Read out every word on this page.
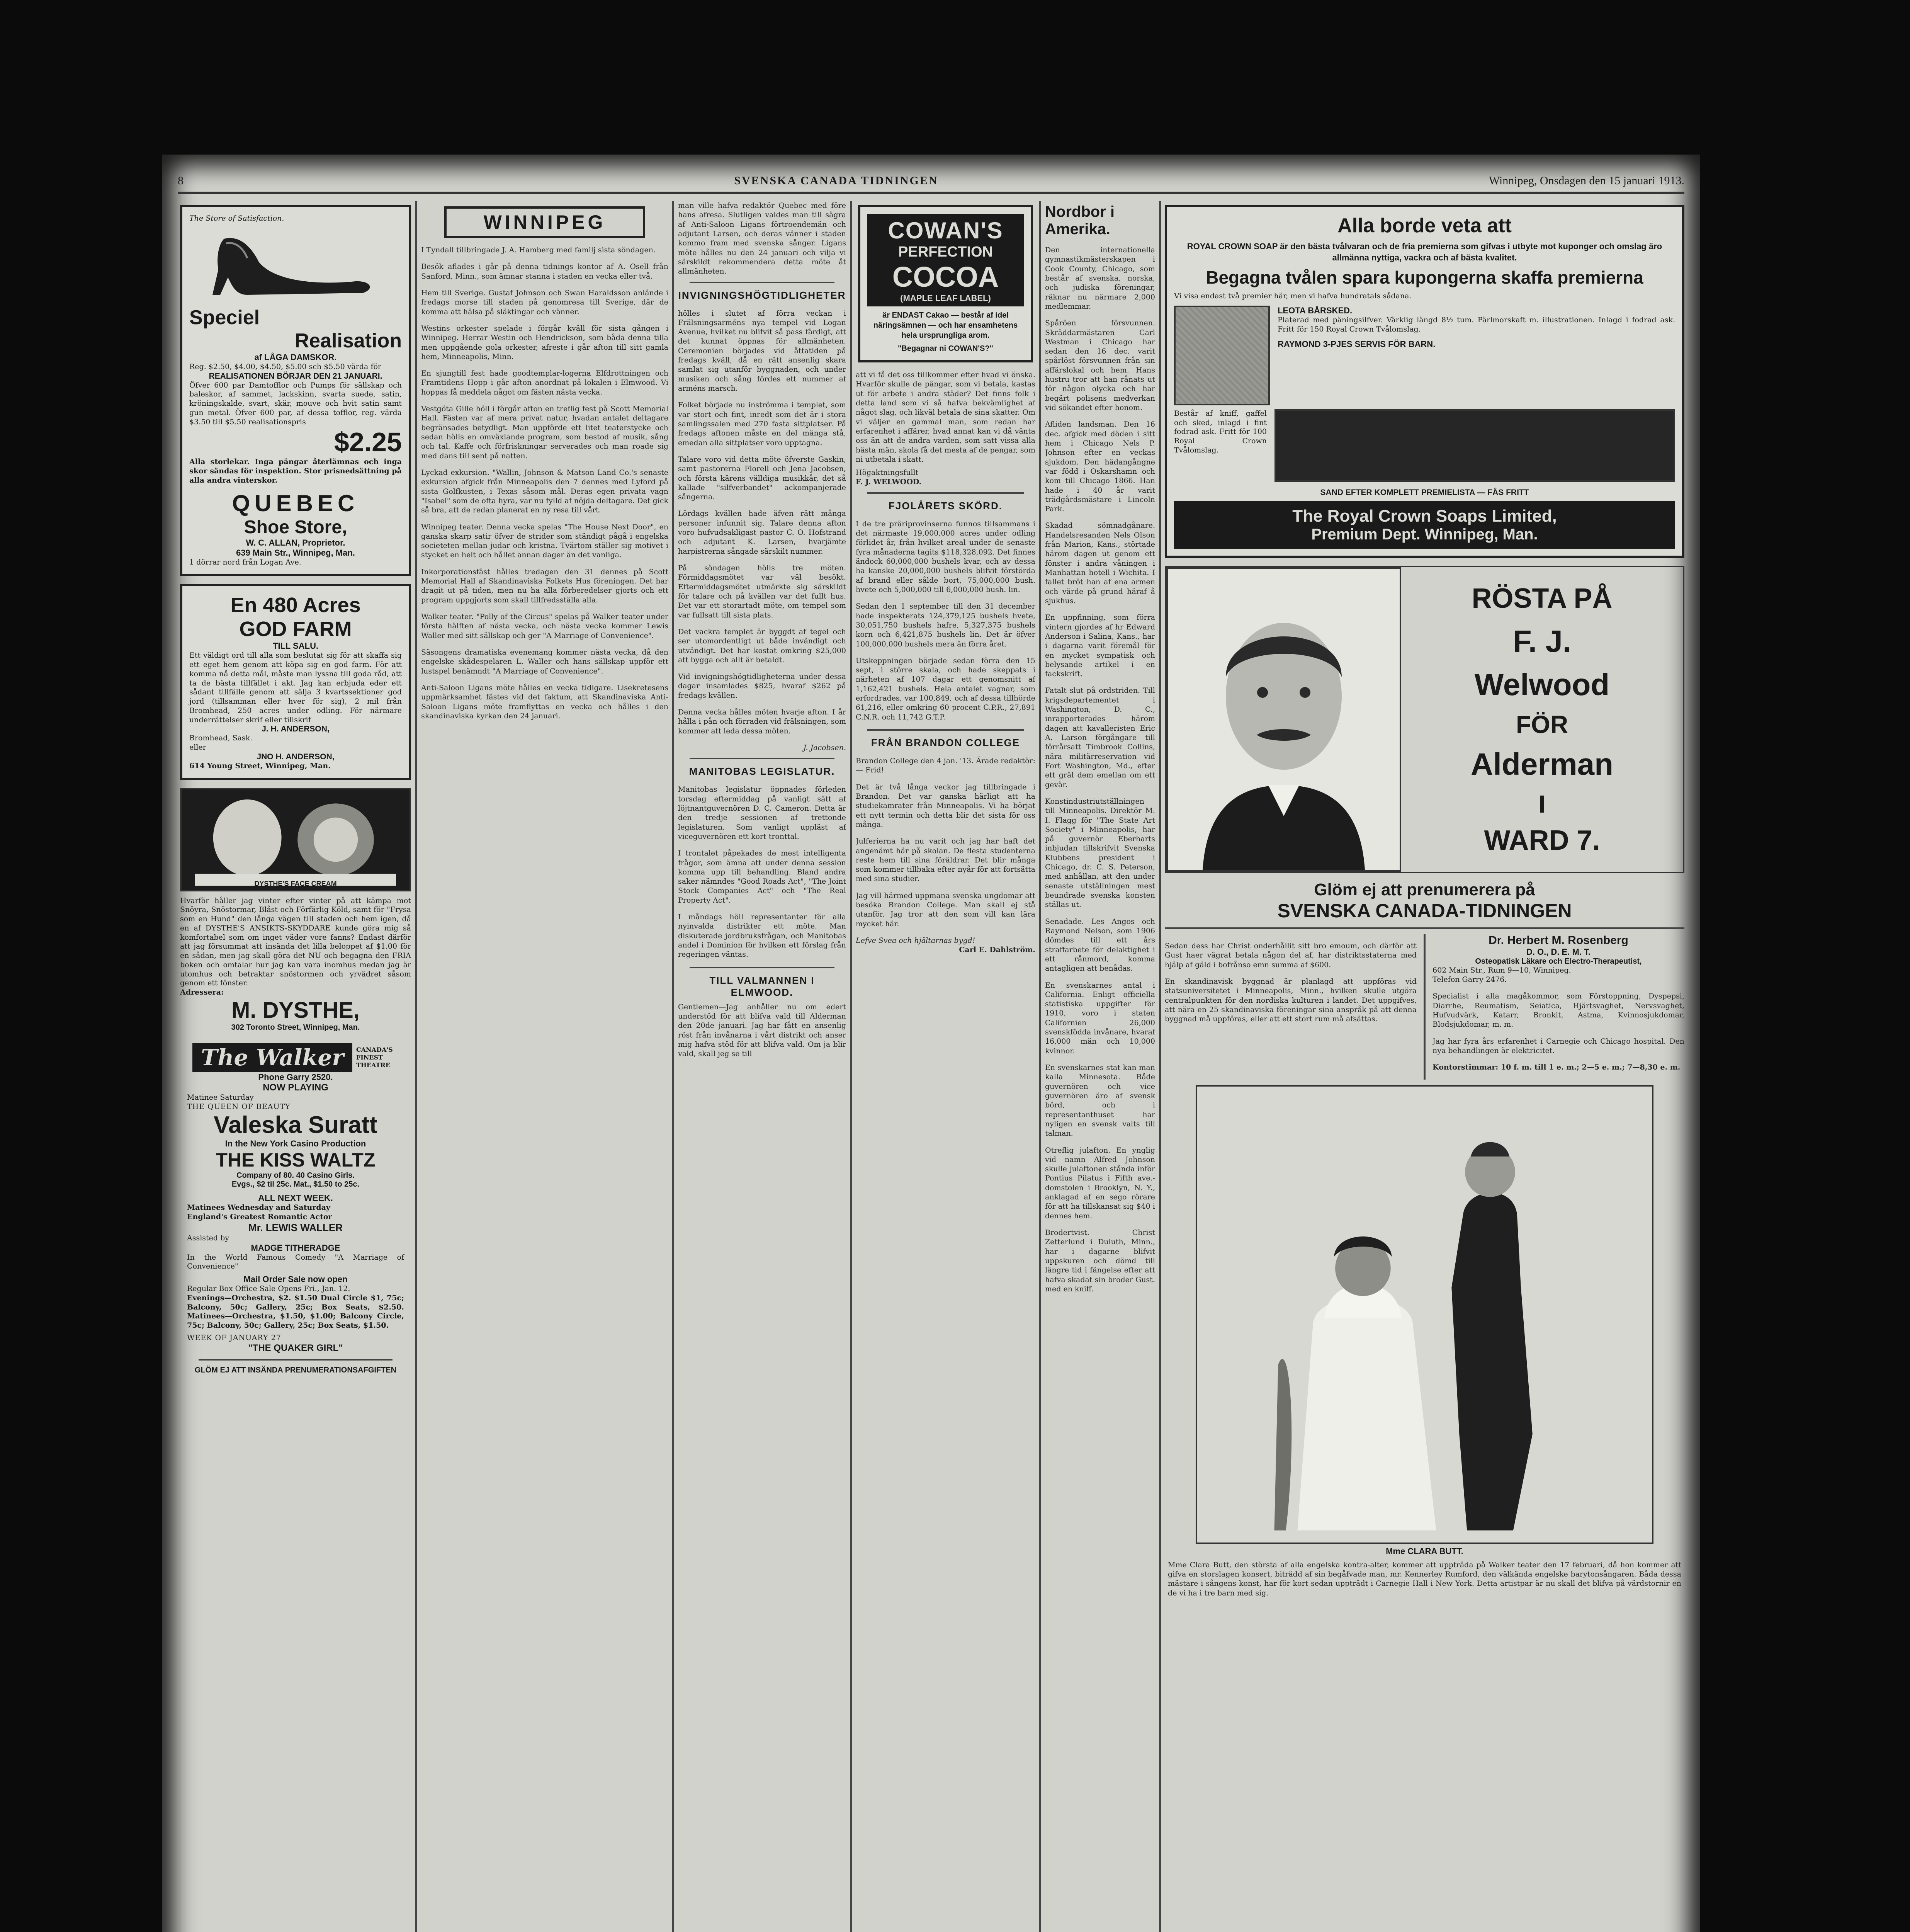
8	SVENSKA CANADA TIDNINGEN	Winnipeg, Onsdagen den 15 januari 1913.
The Store of Satisfaction.
Speciel
Realisation
af LÅGA DAMSKOR.
Reg. $2.50, $4.00, $4.50, $5.00 sch $5.50 värda för
REALISATIONEN BÖRJAR DEN 21 JANUARI.
Öfver 600 par Damtofflor och Pumps för sällskap och baleskor, af sammet, lackskinn, svarta suede, satin, kröningskalde, svart, skär, mouve och hvit satin samt gun metal. Öfver 600 par, af dessa tofflor, reg. värda $3.50 till $5.50 realisationspris
$2.25
Alla storlekar. Inga pängar återlämnas och inga skor sändas för inspektion. Stor prisnedsättning på alla andra vinterskor.
QUEBEC
Shoe Store,
W. C. ALLAN, Proprietor.
639 Main Str., Winnipeg, Man.
1 dörrar nord från Logan Ave.
En 480 Acres
GOD FARM
TILL SALU.
Ett väldigt ord till alla som beslutat sig för att skaffa sig ett eget hem genom att köpa sig en god farm. För att komma nå detta mål, måste man lyssna till goda råd, att ta de bästa tillfället i akt. Jag kan erbjuda eder ett sådant tillfälle genom att sälja 3 kvartssektioner god jord (tillsamman eller hver för sig), 2 mil från Bromhead, 250 acres under odling. För närmare underrättelser skrif eller tillskrif
J. H. ANDERSON,
Bromhead, Sask.
eller
JNO H. ANDERSON,
614 Young Street, Winnipeg, Man.
DYSTHE'S FACE CREAM
Hvarför håller jag vinter efter vinter på att kämpa mot Snöyra, Snöstormar, Blåst och Förfärlig Köld, samt för "Frysa som en Hund" den långa vägen till staden och hem igen, då en af DYSTHE'S ANSIKTS-SKYDDARE kunde göra mig så komfortabel som om inget väder vore fanns? Endast därför att jag försummat att insända det lilla beloppet af $1.00 för en sådan, men jag skall göra det NU och begagna den FRIA boken och omtalar hur jag kan vara inomhus medan jag är utomhus och betraktar snöstormen och yrvädret såsom genom ett fönster.
Adressera:
M. DYSTHE,
302 Toronto Street, Winnipeg, Man.
The Walker	CANADA'S FINEST THEATRE
Phone Garry 2520.
NOW PLAYING
Matinee Saturday
THE QUEEN OF BEAUTY
Valeska Suratt
In the New York Casino Production
THE KISS WALTZ
Company of 80. 40 Casino Girls.
Evgs., $2 til 25c. Mat., $1.50 to 25c.
ALL NEXT WEEK.
Matinees Wednesday and Saturday
England's Greatest Romantic Actor
Mr. LEWIS WALLER
Assisted by
MADGE TITHERADGE
In the World Famous Comedy "A Marriage of Convenience"
Mail Order Sale now open
Regular Box Office Sale Opens Fri., Jan. 12.
Evenings—Orchestra, $2. $1.50 Dual Circle $1, 75c; Balcony, 50c; Gallery, 25c; Box Seats, $2.50. Matinees—Orchestra, $1.50, $1.00; Balcony Circle, 75c; Balcony, 50c; Gallery, 25c; Box Seats, $1.50.
WEEK OF JANUARY 27
"THE QUAKER GIRL"
GLÖM EJ ATT INSÄNDA PRENUMERATIONSAFGIFTEN
WINNIPEG

I Tyndall tillbringade J. A. Hamberg med familj sista söndagen.

Besök aflades i går på denna tidnings kontor af A. Osell från Sanford, Minn., som ämnar stanna i staden en vecka eller två.

Hem till Sverige. Gustaf Johnson och Swan Haraldsson anlände i fredags morse till staden på genomresa till Sverige, där de komma att hälsa på släktingar och vänner.

Westins orkester spelade i förgår kväll för sista gången i Winnipeg. Herrar Westin och Hendrickson, som båda denna tilla men uppgående gola orkester, afreste i går afton till sitt gamla hem, Minneapolis, Minn.

En sjungtill fest hade goodtemplar-logerna Elfdrottningen och Framtidens Hopp i går afton anordnat på lokalen i Elmwood. Vi hoppas få meddela något om fästen nästa vecka.

Vestgöta Gille höll i förgår afton en treflig fest på Scott Memorial Hall. Fästen var af mera privat natur, hvadan antalet deltagare begränsades betydligt. Man uppförde ett litet teaterstycke och sedan hölls en omväxlande program, som bestod af musik, sång och tal. Kaffe och förfriskningar serverades och man roade sig med dans till sent på natten.

Lyckad exkursion. "Wallin, Johnson & Matson Land Co.'s senaste exkursion afgick från Minneapolis den 7 dennes med Lyford på sista Golfkusten, i Texas såsom mål. Deras egen privata vagn "Isabel" som de ofta hyra, var nu fylld af nöjda deltagare. Det gick så bra, att de redan planerat en ny resa till vårt.

Winnipeg teater. Denna vecka spelas "The House Next Door", en ganska skarp satir öfver de strider som ständigt pågå i engelska societeten mellan judar och kristna. Tvärtom ställer sig motivet i stycket en helt och hållet annan dager än det vanliga.

Inkorporationsfäst hålles tredagen den 31 dennes på Scott Memorial Hall af Skandinaviska Folkets Hus föreningen. Det har dragit ut på tiden, men nu ha alla förberedelser gjorts och ett program uppgjorts som skall tillfredsställa alla.

Walker teater. "Polly of the Circus" spelas på Walker teater under första hälften af nästa vecka, och nästa vecka kommer Lewis Waller med sitt sällskap och ger "A Marriage of Convenience".

Säsongens dramatiska evenemang kommer nästa vecka, då den engelske skådespelaren L. Waller och hans sällskap uppför ett lustspel benämndt "A Marriage of Convenience".

Anti-Saloon Ligans möte hålles en vecka tidigare. Lisekretesens uppmärksamhet fästes vid det faktum, att Skandinaviska Anti-Saloon Ligans möte framflyttas en vecka och hålles i den skandinaviska kyrkan den 24 januari.

man ville hafva redaktör Quebec med före hans afresa. Slutligen valdes man till sägra af Anti-Saloon Ligans förtroendemän och adjutant Larsen, och deras vänner i staden kommo fram med svenska sånger. Ligans möte hålles nu den 24 januari och vilja vi särskildt rekommendera detta möte åt allmänheten.
INVIGNINGSHÖGTIDLIGHETER

hölles i slutet af förra veckan i Frälsningsarméns nya tempel vid Logan Avenue, hvilket nu blifvit så pass färdigt, att det kunnat öppnas för allmänheten. Ceremonien börjades vid åttatiden på fredags kväll, då en rätt ansenlig skara samlat sig utanför byggnaden, och under musiken och sång fördes ett nummer af arméns marsch.

Folket började nu inströmma i templet, som var stort och fint, inredt som det är i stora samlingssalen med 270 fasta sittplatser. På fredags aftonen måste en del mänga stå, emedan alla sittplatser voro upptagna.

Talare voro vid detta möte öfverste Gaskin, samt pastorerna Florell och Jena Jacobsen, och första kärens välldiga musikkår, det så kallade "silfverbandet" ackompanjerade sångerna.

Lördags kvällen hade äfven rätt många personer infunnit sig. Talare denna afton voro hufvudsakligast pastor C. O. Hofstrand och adjutant K. Larsen, hvarjämte harpistrerna sångade särskilt nummer.

På söndagen hölls tre möten. Förmiddagsmötet var väl besökt. Eftermiddagsmötet utmärkte sig särskildt för talare och på kvällen var det fullt hus. Det var ett storartadt möte, om tempel som var fullsatt till sista plats.

Det vackra templet är byggdt af tegel och ser utomordentligt ut både invändigt och utvändigt. Det har kostat omkring $25,000 att bygga och allt är betaldt.

Vid invigningshögtidligheterna under dessa dagar insamlades $825, hvaraf $262 på fredags kvällen.

Denna vecka hålles möten hvarje afton. I år hålla i pån och förraden vid frälsningen, som kommer att leda dessa möten.

J. Jacobsen.
MANITOBAS LEGISLATUR.

Manitobas legislatur öppnades förleden torsdag eftermiddag på vanligt sätt af löjtnantguvernören D. C. Cameron. Detta är den tredje sessionen af trettonde legislaturen. Som vanligt uppläst af viceguvernören ett kort tronttal.

I trontalet påpekades de mest intelligenta frågor, som ämna att under denna session komma upp till behandling. Bland andra saker nämndes "Good Roads Act", "The Joint Stock Companies Act" och "The Real Property Act".

I måndags höll representanter för alla nyinvalda distrikter ett möte. Man diskuterade jordbruksfrågan, och Manitobas andel i Dominion för hvilken ett förslag från regeringen väntas.

TILL VALMANNEN I ELMWOOD.
Gentlemen—Jag anhåller nu om edert understöd för att blifva vald till Alderman den 20de januari. Jag har fått en ansenlig röst från invånarna i vårt distrikt och anser mig hafva stöd för att blifva vald. Om ja blir vald, skall jeg se till
COWAN'S
PERFECTION
COCOA
(MAPLE LEAF LABEL)
är ENDAST Cakao — består af idel näringsämnen — och har ensamhetens hela ursprungliga arom.
"Begagnar ni COWAN'S?"
att vi få det oss tillkommer efter hvad vi önska. Hvarför skulle de pängar, som vi betala, kastas ut för arbete i andra städer? Det finns folk i detta land som vi så hafva bekvämlighet af något slag, och likväl betala de sina skatter. Om vi väljer en gammal man, som redan har erfarenhet i affärer, hvad annat kan vi då vänta oss än att de andra varden, som satt vissa alla bästa män, skola få det mesta af de pengar, som ni utbetala i skatt.
Högaktningsfullt
F. J. WELWOOD.
FJOLÅRETS SKÖRD.

I de tre präriprovinserna funnos tillsammans i det närmaste 19,000,000 acres under odling förlidet år, från hvilket areal under de senaste fyra månaderna tagits $118,328,092. Det finnes ändock 60,000,000 bushels kvar, och av dessa ha kanske 20,000,000 bushels blifvit förstörda af brand eller sålde bort, 75,000,000 bush. hvete och 5,000,000 till 6,000,000 bush. lin.

Sedan den 1 september till den 31 december hade inspekterats 124,379,125 bushels hvete, 30,051,750 bushels hafre, 5,327,375 bushels korn och 6,421,875 bushels lin. Det är öfver 100,000,000 bushels mera än förra året.

Utskeppningen började sedan förra den 15 sept, i större skala, och hade skeppats i närheten af 107 dagar ett genomsnitt af 1,162,421 bushels. Hela antalet vagnar, som erfordrades, var 100,849, och af dessa tillhörde 61,216, eller omkring 60 procent C.P.R., 27,891 C.N.R. och 11,742 G.T.P.

FRÅN BRANDON COLLEGE

Brandon College den 4 jan. '13. Ärade redaktör:— Frid!

Det är två långa veckor jag tillbringade i Brandon. Det var ganska härligt att ha studiekamrater från Minneapolis. Vi ha börjat ett nytt termin och detta blir det sista för oss många.

Julferierna ha nu varit och jag har haft det angenämt här på skolan. De flesta studenterna reste hem till sina föräldrar. Det blir många som kommer tillbaka efter nyår för att fortsätta med sina studier.

Jag vill härmed uppmana svenska ungdomar att besöka Brandon College. Man skall ej stå utanför. Jag tror att den som vill kan lära mycket här.

Lefve Svea och hjältarnas bygd!
Carl E. Dahlström.
Nordbor i Amerika.

Den internationella gymnastikmästerskapen i Cook County, Chicago, som består af svenska, norska, och judiska föreningar, räknar nu närmare 2,000 medlemmar.

Spåröen försvunnen. Skräddarmästaren Carl Westman i Chicago har sedan den 16 dec. varit spårlöst försvunnen från sin affärslokal och hem. Hans hustru tror att han rånats ut för någon olycka och har begärt polisens medverkan vid sökandet efter honom.

Afliden landsman. Den 16 dec. afgick med döden i sitt hem i Chicago Nels P. Johnson efter en veckas sjukdom. Den hädangångne var född i Oskarshamn och kom till Chicago 1866. Han hade i 40 år varit trädgårdsmästare i Lincoln Park.

Skadad sömnadgånare. Handelsresanden Nels Olson från Marion, Kans., störtade härom dagen ut genom ett fönster i andra våningen i Manhattan hotell i Wichita. I fallet bröt han af ena armen och värde på grund häraf å sjukhus.

En uppfinning, som förra vintern gjordes af hr Edward Anderson i Salina, Kans., har i dagarna varit föremål för en mycket sympatisk och belysande artikel i en fackskrift.

Fatalt slut på ordstriden. Till krigsdepartementet i Washington, D. C., inrapporterades härom dagen att kavalleristen Eric A. Larson förgångare till förrårsatt Timbrook Collins, nära militärreservation vid Fort Washington, Md., efter ett gräl dem emellan om ett gevär.

Konstindustriutställningen till Minneapolis. Direktör M. I. Flagg för "The State Art Society" i Minneapolis, har på guvernör Eberharts inbjudan tillskrifvit Svenska Klubbens president i Chicago, dr. C. S. Peterson, med anhållan, att den under senaste utställningen mest beundrade svenska konsten ställas ut.

Senadade. Les Angos och Raymond Nelson, som 1906 dömdes till ett års straffarbete för delaktighet i ett rånmord, komma antagligen att benådas.

En svenskarnes antal i California. Enligt officiella statistiska uppgifter för 1910, voro i staten Californien 26,000 svenskfödda invånare, hvaraf 16,000 män och 10,000 kvinnor.

En svenskarnes stat kan man kalla Minnesota. Både guvernören och vice guvernören äro af svensk börd, och i representanthuset har nyligen en svensk valts till talman.

Otreflig julafton. En ynglig vid namn Alfred Johnson skulle julaftonen stånda inför Pontius Pilatus i Fifth ave.-domstolen i Brooklyn, N. Y., anklagad af en sego rörare för att ha tillskansat sig $40 i dennes hem.

Brodertvist. Christ Zetterlund i Duluth, Minn., har i dagarne blifvit uppskuren och dömd till längre tid i fängelse efter att hafva skadat sin broder Gust. med en kniff.

Alla borde veta att
ROYAL CROWN SOAP är den bästa tvålvaran och de fria premierna som gifvas i utbyte mot kuponger och omslag äro allmänna nyttiga, vackra och af bästa kvalitet.
Begagna tvålen spara kupongerna skaffa premierna
Vi visa endast två premier här, men vi hafva hundratals sådana.
LEOTA BÅRSKED.
Platerad med päningsilfver. Värklig längd 8½ tum. Pärlmorskaft m. illustrationen. Inlagd i fodrad ask. Fritt för 150 Royal Crown Tvålomslag.
RAYMOND 3-PJES SERVIS FÖR BARN.
Består af kniff, gaffel och sked, inlagd i fint fodrad ask. Fritt för 100 Royal Crown Tvålomslag.
SAND EFTER KOMPLETT PREMIELISTA — FÅS FRITT
The Royal Crown Soaps Limited,
Premium Dept. Winnipeg, Man.
RÖSTA PÅ
F. J.
Welwood
FÖR
Alderman
I
WARD 7.
Glöm ej att prenumerera på
SVENSKA CANADA-TIDNINGEN

Sedan dess har Christ onderhållit sitt bro emoum, och därför att Gust haer vägrat betala någon del af, har distriktsstaterna med hjälp af gäld i bofrånso emn summa af $600.

En skandinavisk byggnad är planlagd att uppföras vid statsuniversitetet i Minneapolis, Minn., hvilken skulle utgöra centralpunkten för den nordiska kulturen i landet. Det uppgifves, att nära en 25 skandinaviska föreningar sina anspråk på att denna byggnad må uppföras, eller att ett stort rum må afsättas.

Dr. Herbert M. Rosenberg
D. O., D. E. M. T.
Osteopatisk Läkare och Electro-Therapeutist,
602 Main Str., Rum 9—10, Winnipeg.
Telefon Garry 2476.

Specialist i alla magåkommor, som Förstoppning, Dyspepsi, Diarrhe, Reumatism, Seiatica, Hjärtsvaghet, Nervsvaghet, Hufvudvärk, Katarr, Bronkit, Astma, Kvinnosjukdomar, Blodsjukdomar, m. m.

Jag har fyra års erfarenhet i Carnegie och Chicago hospital. Den nya behandlingen är elektricitet.

Kontorstimmar: 10 f. m. till 1 e. m.; 2—5 e. m.; 7—8,30 e. m.

Mme CLARA BUTT.

Mme Clara Butt, den största af alla engelska kontra-alter, kommer att uppträda på Walker teater den 17 februari, då hon kommer att gifva en storslagen konsert, biträdd af sin begåfvade man, mr. Kennerley Rumford, den välkända engelske barytonsångaren. Båda dessa mästare i sångens konst, har för kort sedan uppträdt i Carnegie Hall i New York. Detta artistpar är nu skall det blifva på värdstornir en de vi ha i tre barn med sig.
